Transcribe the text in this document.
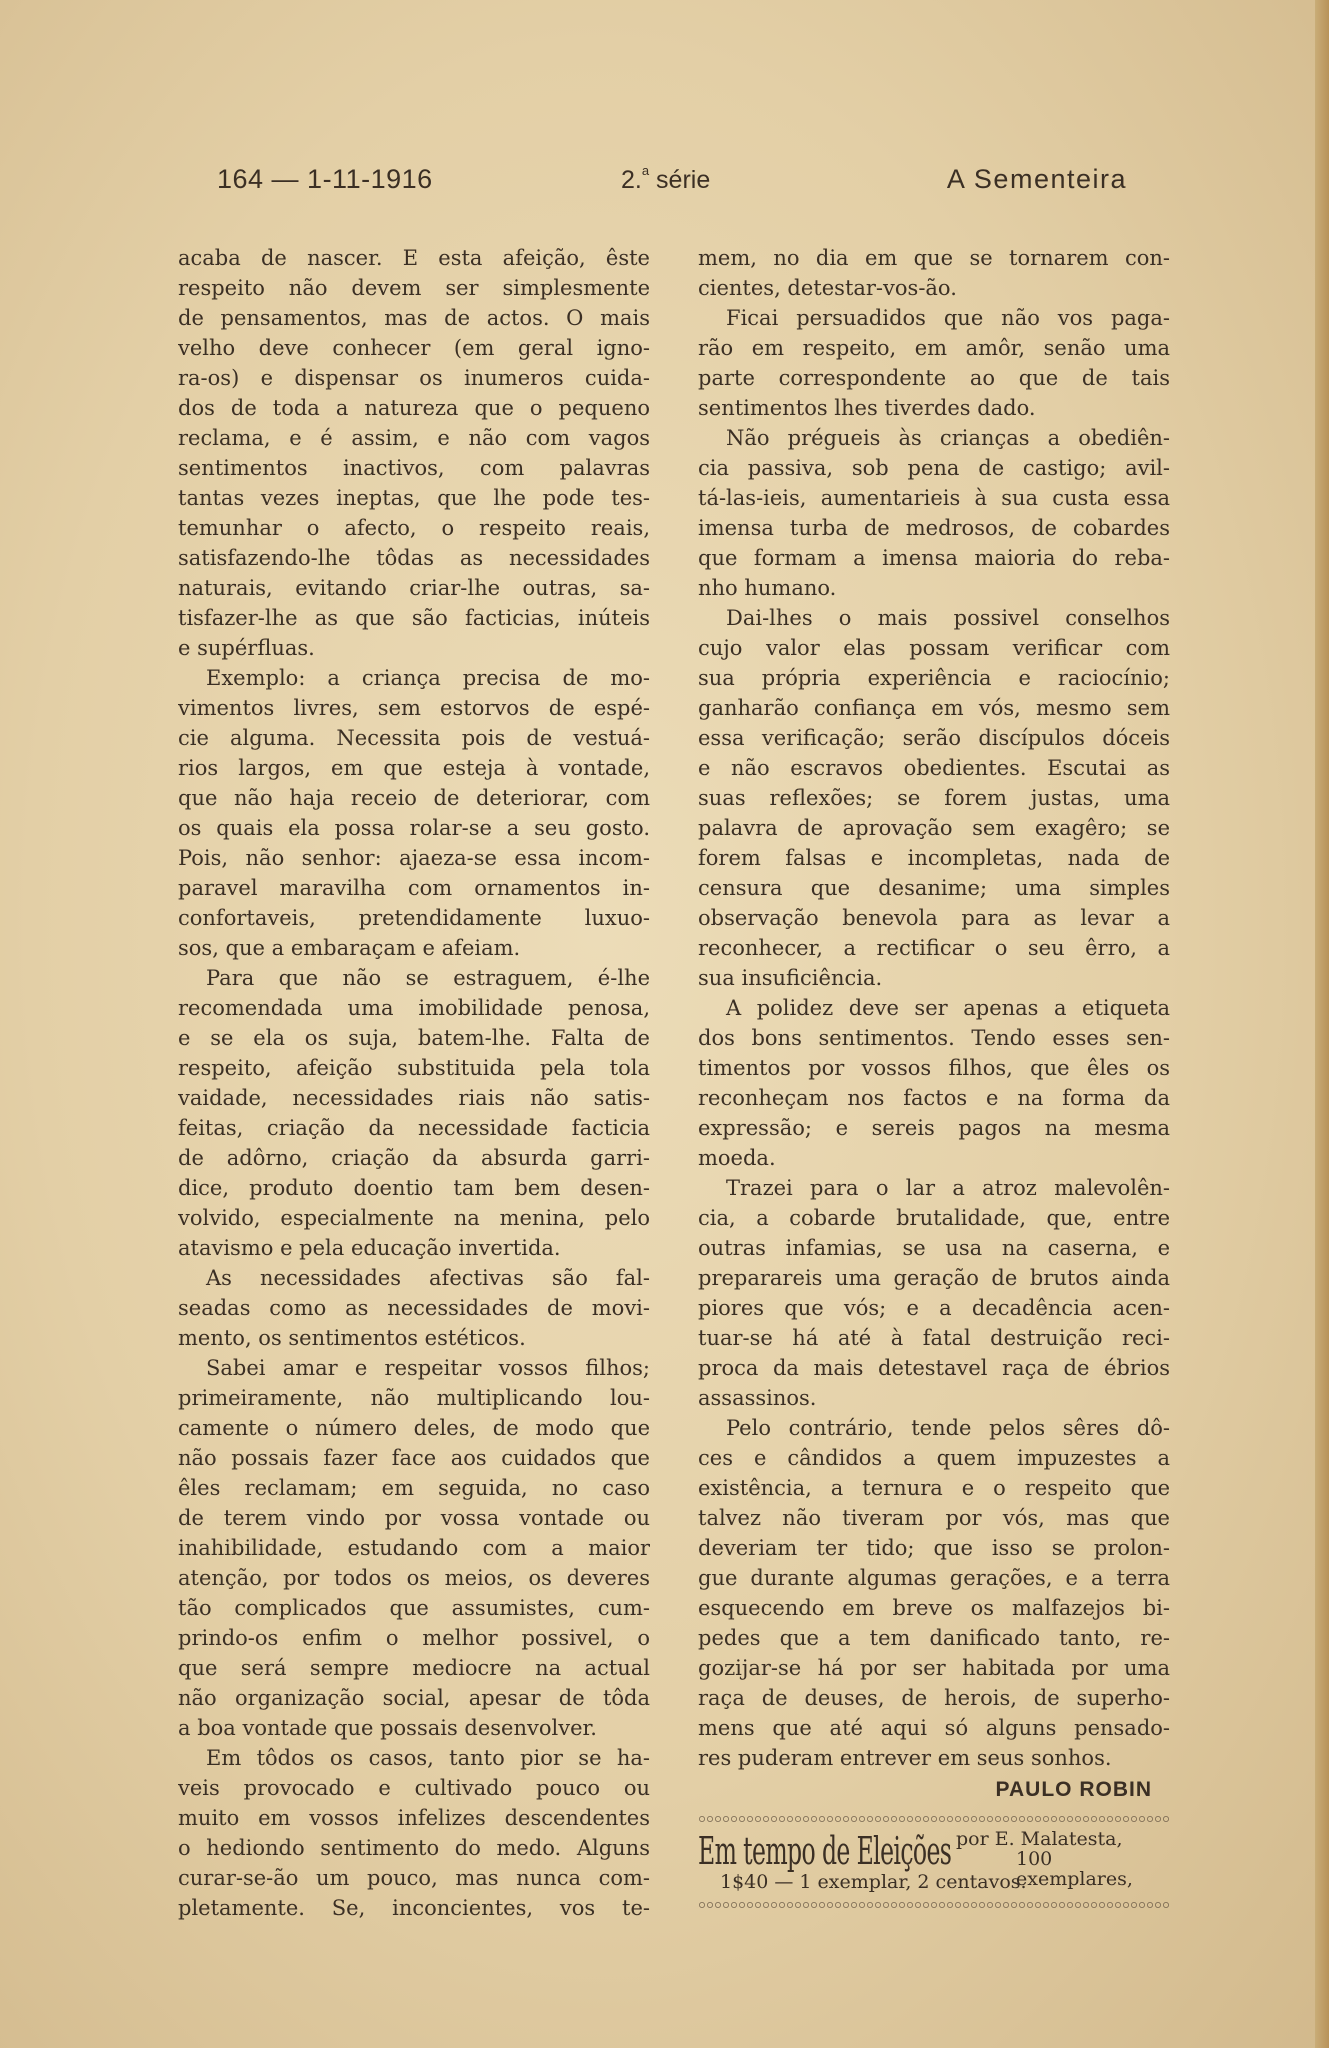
164 — 1-11-1916	2.$^a$ série	A Sementeira
acaba de nascer. E esta afeição, êste
respeito não devem ser simplesmente
de pensamentos, mas de actos. O mais
velho deve conhecer (em geral igno-
ra-os) e dispensar os inumeros cuida-
dos de toda a natureza que o pequeno
reclama, e é assim, e não com vagos
sentimentos inactivos, com palavras
tantas vezes ineptas, que lhe pode tes-
temunhar o afecto, o respeito reais,
satisfazendo-lhe tôdas as necessidades
naturais, evitando criar-lhe outras, sa-
tisfazer-lhe as que são facticias, inúteis
e supérfluas.
Exemplo: a criança precisa de mo-
vimentos livres, sem estorvos de espé-
cie alguma. Necessita pois de vestuá-
rios largos, em que esteja à vontade,
que não haja receio de deteriorar, com
os quais ela possa rolar-se a seu gosto.
Pois, não senhor: ajaeza-se essa incom-
paravel maravilha com ornamentos in-
confortaveis, pretendidamente luxuo-
sos, que a embaraçam e afeiam.
Para que não se estraguem, é-lhe
recomendada uma imobilidade penosa,
e se ela os suja, batem-lhe. Falta de
respeito, afeição substituida pela tola
vaidade, necessidades riais não satis-
feitas, criação da necessidade facticia
de adôrno, criação da absurda garri-
dice, produto doentio tam bem desen-
volvido, especialmente na menina, pelo
atavismo e pela educação invertida.
As necessidades afectivas são fal-
seadas como as necessidades de movi-
mento, os sentimentos estéticos.
Sabei amar e respeitar vossos filhos;
primeiramente, não multiplicando lou-
camente o número deles, de modo que
não possais fazer face aos cuidados que
êles reclamam; em seguida, no caso
de terem vindo por vossa vontade ou
inahibilidade, estudando com a maior
atenção, por todos os meios, os deveres
tão complicados que assumistes, cum-
prindo-os enfim o melhor possivel, o
que será sempre mediocre na actual
não organização social, apesar de tôda
a boa vontade que possais desenvolver.
Em tôdos os casos, tanto pior se ha-
veis provocado e cultivado pouco ou
muito em vossos infelizes descendentes
o hediondo sentimento do medo. Alguns
curar-se-ão um pouco, mas nunca com-
pletamente. Se, inconcientes, vos te-
mem, no dia em que se tornarem con-
cientes, detestar-vos-ão.
Ficai persuadidos que não vos paga-
rão em respeito, em amôr, senão uma
parte correspondente ao que de tais
sentimentos lhes tiverdes dado.
Não prégueis às crianças a obediên-
cia passiva, sob pena de castigo; avil-
tá-las-ieis, aumentarieis à sua custa essa
imensa turba de medrosos, de cobardes
que formam a imensa maioria do reba-
nho humano.
Dai-lhes o mais possivel conselhos
cujo valor elas possam verificar com
sua própria experiência e raciocínio;
ganharão confiança em vós, mesmo sem
essa verificação; serão discípulos dóceis
e não escravos obedientes. Escutai as
suas reflexões; se forem justas, uma
palavra de aprovação sem exagêro; se
forem falsas e incompletas, nada de
censura que desanime; uma simples
observação benevola para as levar a
reconhecer, a rectificar o seu êrro, a
sua insuficiência.
A polidez deve ser apenas a etiqueta
dos bons sentimentos. Tendo esses sen-
timentos por vossos filhos, que êles os
reconheçam nos factos e na forma da
expressão; e sereis pagos na mesma
moeda.
Trazei para o lar a atroz malevolên-
cia, a cobarde brutalidade, que, entre
outras infamias, se usa na caserna, e
preparareis uma geração de brutos ainda
piores que vós; e a decadência acen-
tuar-se há até à fatal destruição reci-
proca da mais detestavel raça de ébrios
assassinos.
Pelo contrário, tende pelos sêres dô-
ces e cândidos a quem impuzestes a
existência, a ternura e o respeito que
talvez não tiveram por vós, mas que
deveriam ter tido; que isso se prolon-
gue durante algumas gerações, e a terra
esquecendo em breve os malfazejos bi-
pedes que a tem danificado tanto, re-
gozijar-se há por ser habitada por uma
raça de deuses, de herois, de superho-
mens que até aqui só alguns pensado-
res puderam entrever em seus sonhos.
PAULO ROBIN
Em tempo de Eleições por E. Malatesta,
100 exemplares,
1$40 — 1 exemplar, 2 centavos.
